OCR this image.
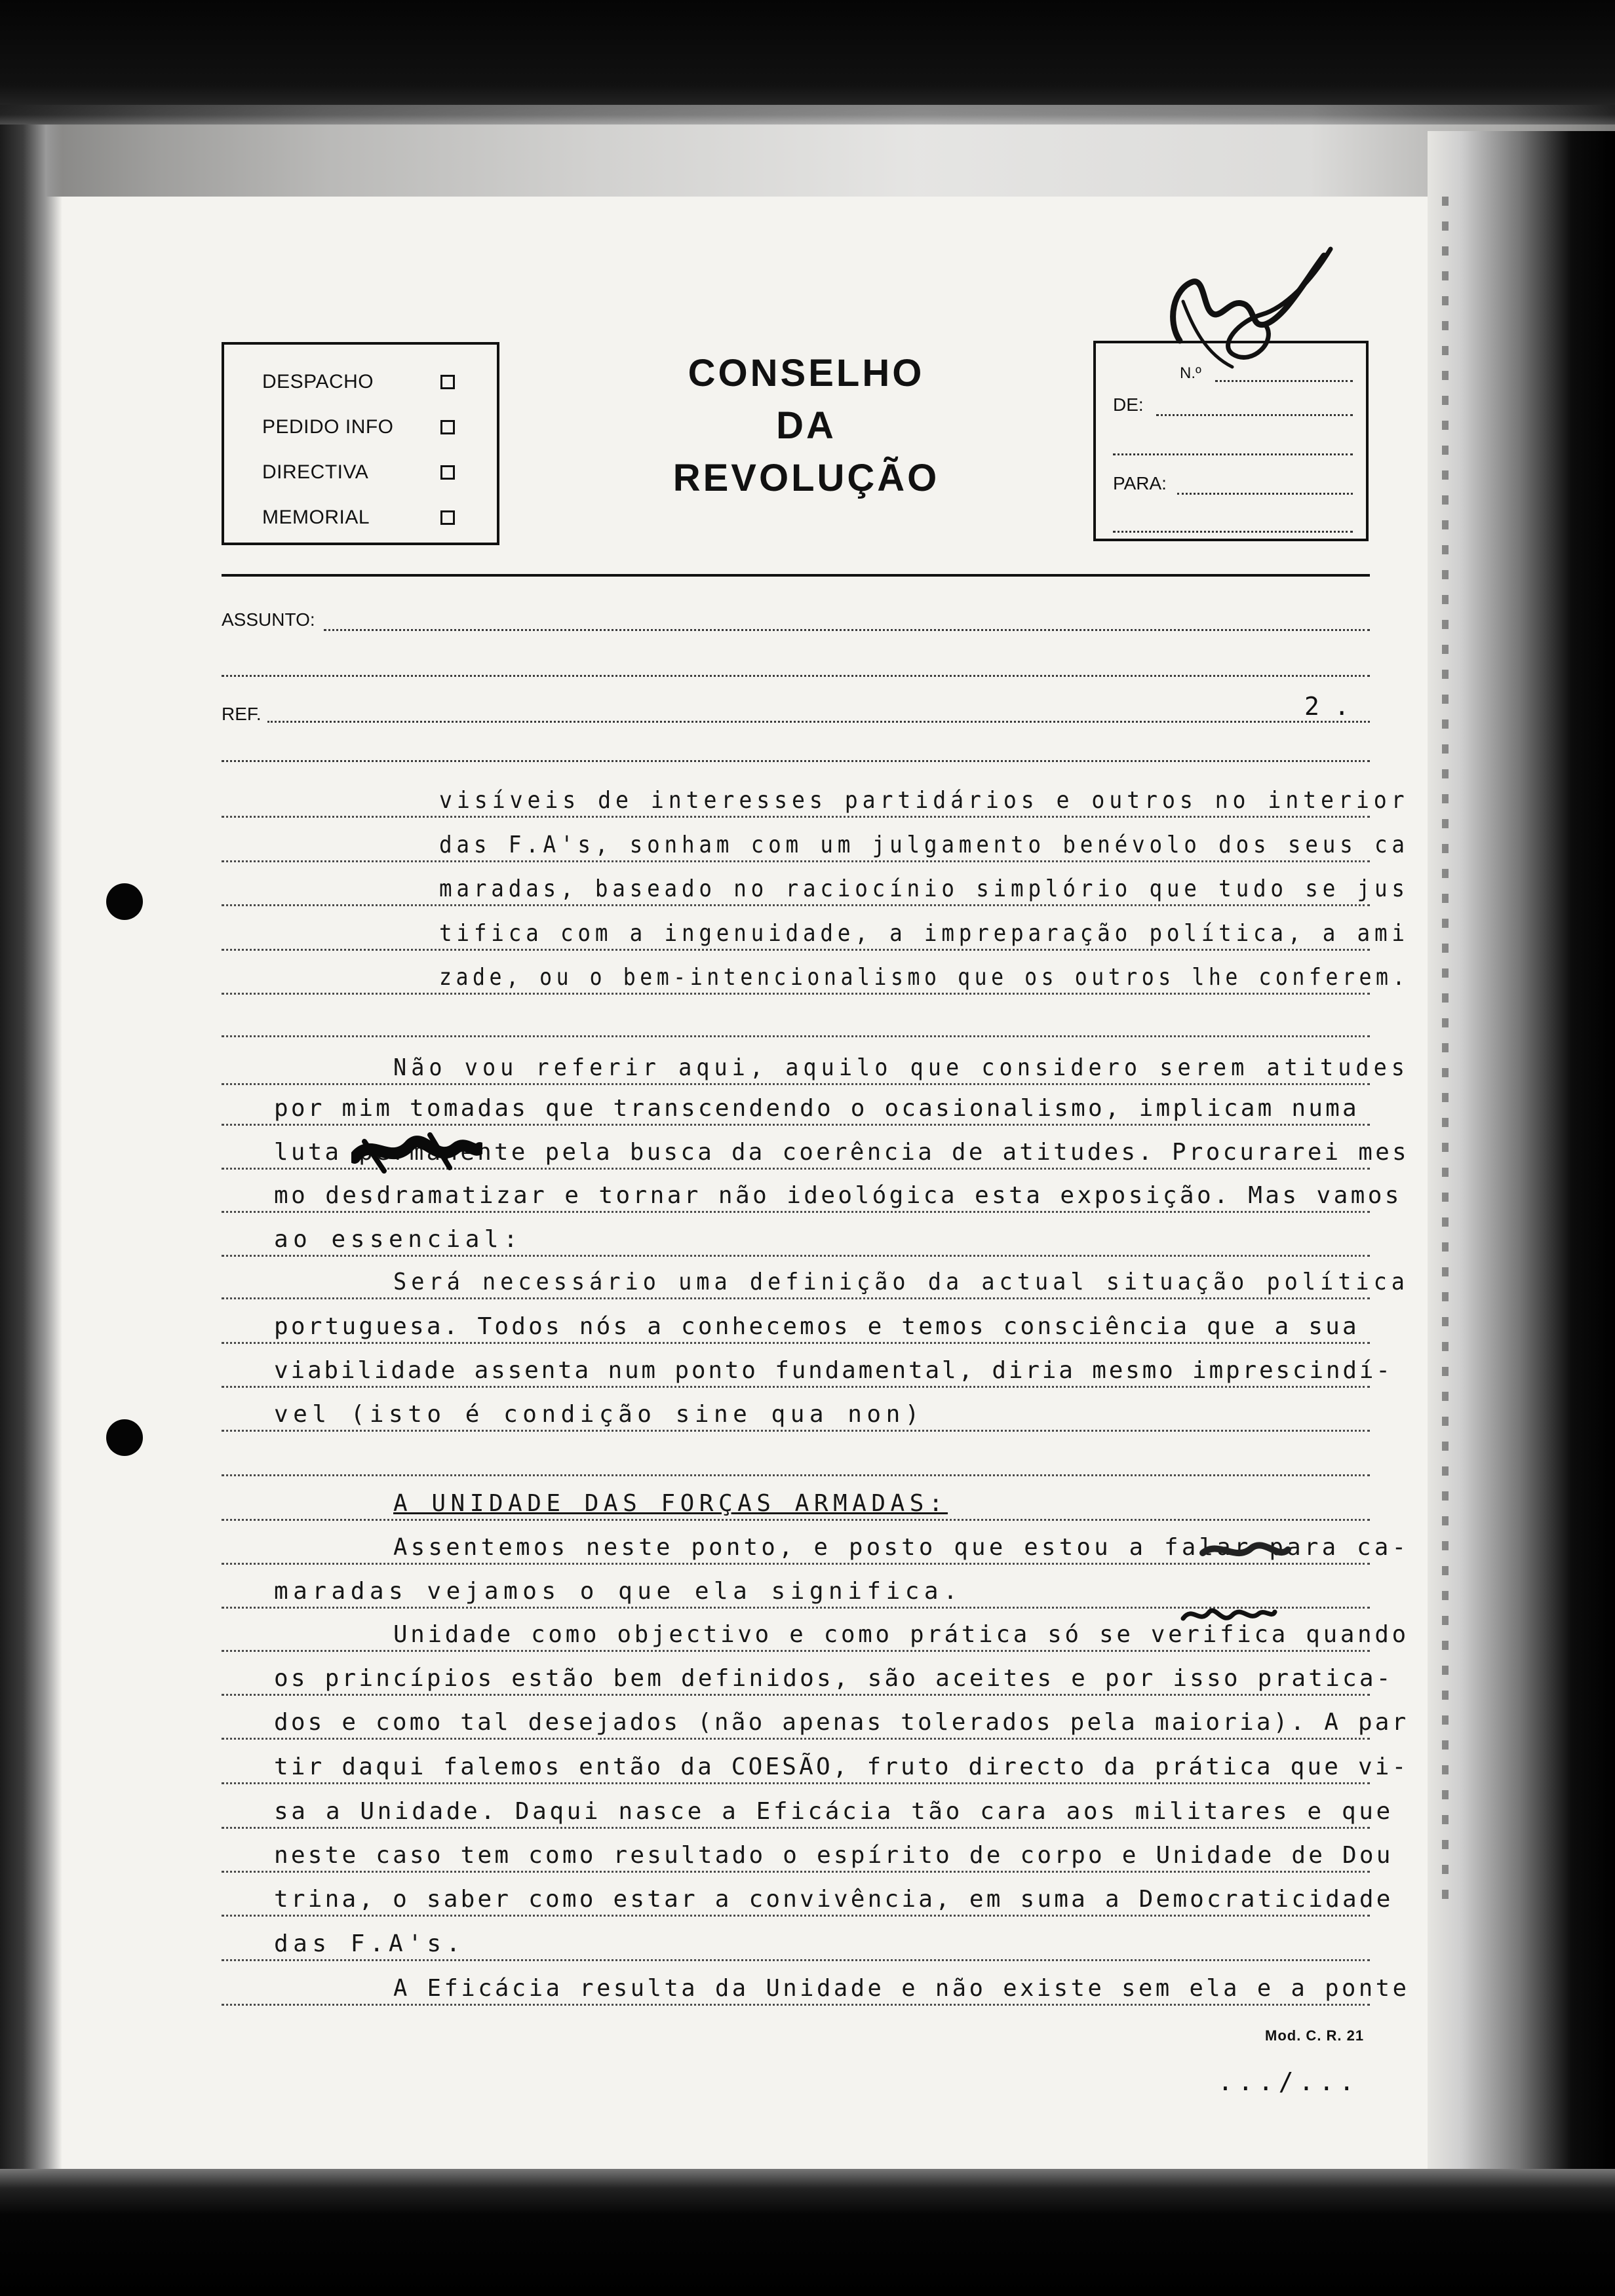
DESPACHO
PEDIDO INFO
DIRECTIVA
MEMORIAL
CONSELHO
DA
REVOLUÇÃO
N.º
DE:
PARA:
ASSUNTO:
REF.	2 .
visíveis de interesses partidários e outros no interior
das F.A's, sonham com um julgamento benévolo dos seus ca
maradas, baseado no raciocínio simplório que tudo se jus
tifica com a ingenuidade, a impreparação política, a ami
zade, ou o bem-intencionalismo que os outros lhe conferem.
Não vou referir aqui, aquilo que considero serem atitudes
por mim tomadas que transcendendo o ocasionalismo, implicam numa
luta permanente pela busca da coerência de atitudes. Procurarei mes
mo desdramatizar e tornar não ideológica esta exposição. Mas vamos
ao essencial:
Será necessário uma definição da actual situação política
portuguesa. Todos nós a conhecemos e temos consciência que a sua
viabilidade assenta num ponto fundamental, diria mesmo imprescindí-
vel (isto é condição sine qua non)
A UNIDADE DAS FORÇAS ARMADAS:
Assentemos neste ponto, e posto que estou a falar para ca-
maradas vejamos o que ela significa.
Unidade como objectivo e como prática só se verifica quando
os princípios estão bem definidos, são aceites e por isso pratica-
dos e como tal desejados (não apenas tolerados pela maioria). A par
tir daqui falemos então da COESÃO, fruto directo da prática que vi-
sa a Unidade. Daqui nasce a Eficácia tão cara aos militares e que
neste caso tem como resultado o espírito de corpo e Unidade de Dou
trina, o saber como estar a convivência, em suma a Democraticidade
das F.A's.
A Eficácia resulta da Unidade e não existe sem ela e a ponte
Mod. C. R. 21
.../...
